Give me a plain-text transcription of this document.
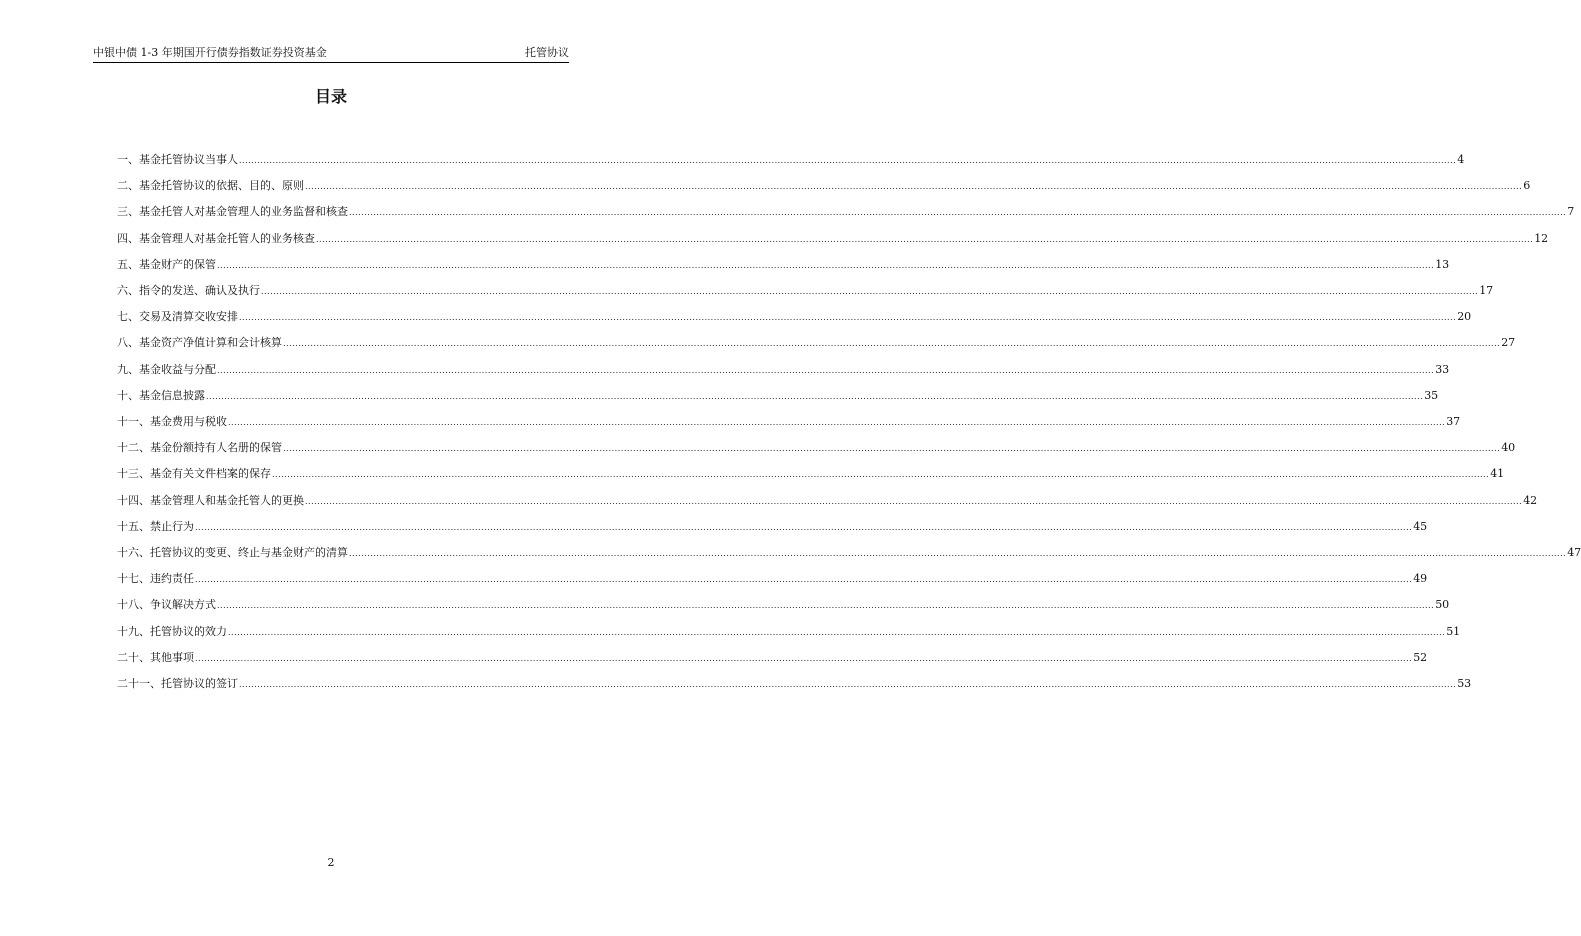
中银中债 1-3 年期国开行债券指数证券投资基金	托管协议
目录
一、基金托管协议当事人 ................................................................................................................................................................................................................................................................................................................................................................................................................ 4
二、基金托管协议的依据、目的、原则 ................................................................................................................................................................................................................................................................................................................................................................................................................ 6
三、基金托管人对基金管理人的业务监督和核查 ................................................................................................................................................................................................................................................................................................................................................................................................................ 7
四、基金管理人对基金托管人的业务核查 ................................................................................................................................................................................................................................................................................................................................................................................................................ 12
五、基金财产的保管 ................................................................................................................................................................................................................................................................................................................................................................................................................ 13
六、指令的发送、确认及执行 ................................................................................................................................................................................................................................................................................................................................................................................................................ 17
七、交易及清算交收安排 ................................................................................................................................................................................................................................................................................................................................................................................................................ 20
八、基金资产净值计算和会计核算 ................................................................................................................................................................................................................................................................................................................................................................................................................ 27
九、基金收益与分配 ................................................................................................................................................................................................................................................................................................................................................................................................................ 33
十、基金信息披露 ................................................................................................................................................................................................................................................................................................................................................................................................................ 35
十一、基金费用与税收 ................................................................................................................................................................................................................................................................................................................................................................................................................ 37
十二、基金份额持有人名册的保管 ................................................................................................................................................................................................................................................................................................................................................................................................................ 40
十三、基金有关文件档案的保存 ................................................................................................................................................................................................................................................................................................................................................................................................................ 41
十四、基金管理人和基金托管人的更换 ................................................................................................................................................................................................................................................................................................................................................................................................................ 42
十五、禁止行为 ................................................................................................................................................................................................................................................................................................................................................................................................................ 45
十六、托管协议的变更、终止与基金财产的清算 ................................................................................................................................................................................................................................................................................................................................................................................................................ 47
十七、违约责任 ................................................................................................................................................................................................................................................................................................................................................................................................................ 49
十八、争议解决方式 ................................................................................................................................................................................................................................................................................................................................................................................................................ 50
十九、托管协议的效力 ................................................................................................................................................................................................................................................................................................................................................................................................................ 51
二十、其他事项 ................................................................................................................................................................................................................................................................................................................................................................................................................ 52
二十一、托管协议的签订 ................................................................................................................................................................................................................................................................................................................................................................................................................ 53
2
